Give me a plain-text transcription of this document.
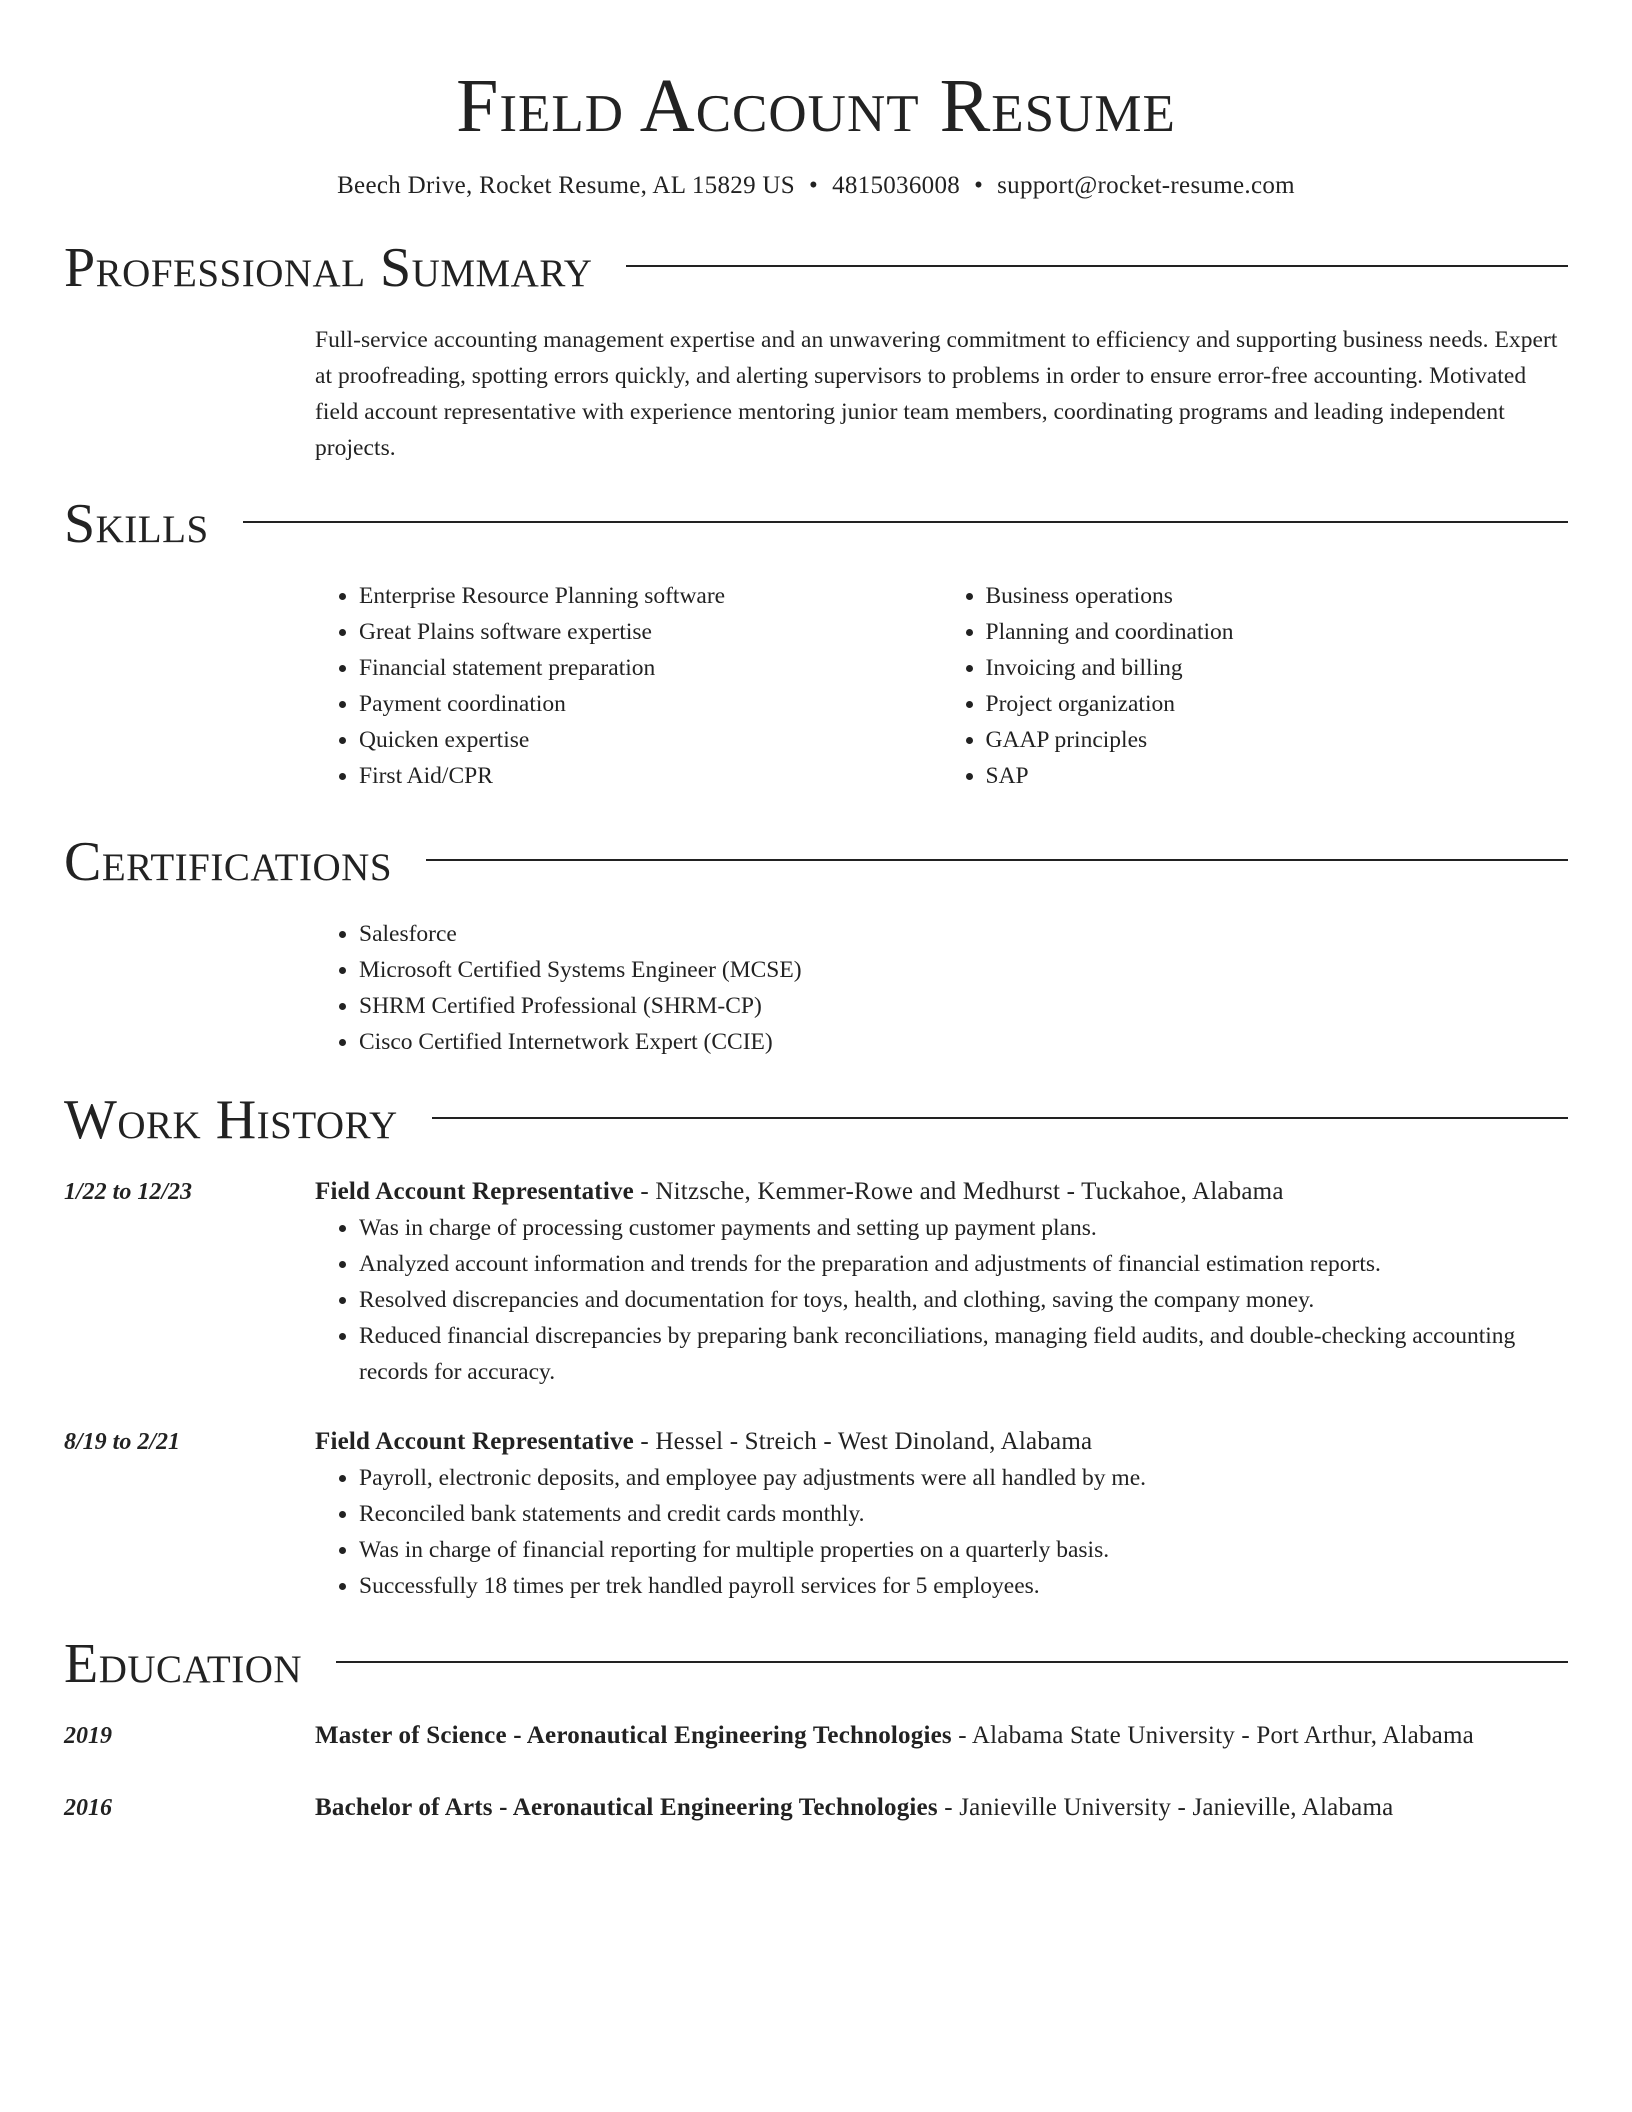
Field Account Resume
Beech Drive, Rocket Resume, AL 15829 US • 4815036008 • support@rocket-resume.com
Professional Summary

Full-service accounting management expertise and an unwavering commitment to efficiency and supporting business needs. Expert at proofreading, spotting errors quickly, and alerting supervisors to problems in order to ensure error-free accounting. Motivated field account representative with experience mentoring junior team members, coordinating programs and leading independent projects.

Skills
• Enterprise Resource Planning software
• Great Plains software expertise
• Financial statement preparation
• Payment coordination
• Quicken expertise
• First Aid/CPR
• Business operations
• Planning and coordination
• Invoicing and billing
• Project organization
• GAAP principles
• SAP
Certifications
• Salesforce
• Microsoft Certified Systems Engineer (MCSE)
• SHRM Certified Professional (SHRM-CP)
• Cisco Certified Internetwork Expert (CCIE)
Work History
1/22 to 12/23	Field Account Representative - Nitzsche, Kemmer-Rowe and Medhurst - Tuckahoe, Alabama
• Was in charge of processing customer payments and setting up payment plans.
• Analyzed account information and trends for the preparation and adjustments of financial estimation reports.
• Resolved discrepancies and documentation for toys, health, and clothing, saving the company money.
• Reduced financial discrepancies by preparing bank reconciliations, managing field audits, and double-checking accounting records for accuracy.
8/19 to 2/21	Field Account Representative - Hessel - Streich - West Dinoland, Alabama
• Payroll, electronic deposits, and employee pay adjustments were all handled by me.
• Reconciled bank statements and credit cards monthly.
• Was in charge of financial reporting for multiple properties on a quarterly basis.
• Successfully 18 times per trek handled payroll services for 5 employees.
Education
2019	Master of Science - Aeronautical Engineering Technologies - Alabama State University - Port Arthur, Alabama
2016	Bachelor of Arts - Aeronautical Engineering Technologies - Janieville University - Janieville, Alabama
